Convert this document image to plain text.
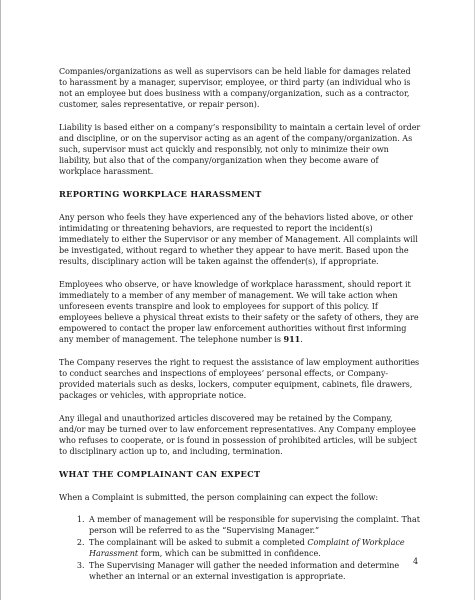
Companies/organizations as well as supervisors can be held liable for damages related to harassment by a manager, supervisor, employee, or third party (an individual who is not an employee but does business with a company/organization, such as a contractor, customer, sales representative, or repair person).

Liability is based either on a company’s responsibility to maintain a certain level of order and discipline, or on the supervisor acting as an agent of the company/organization. As such, supervisor must act quickly and responsibly, not only to minimize their own liability, but also that of the company/organization when they become aware of workplace harassment.

REPORTING WORKPLACE HARASSMENT

Any person who feels they have experienced any of the behaviors listed above, or other intimidating or threatening behaviors, are requested to report the incident(s) immediately to either the Supervisor or any member of Management. All complaints will be investigated, without regard to whether they appear to have merit. Based upon the results, disciplinary action will be taken against the offender(s), if appropriate.

Employees who observe, or have knowledge of workplace harassment, should report it immediately to a member of any member of management. We will take action when unforeseen events transpire and look to employees for support of this policy. If employees believe a physical threat exists to their safety or the safety of others, they are empowered to contact the proper law enforcement authorities without first informing any member of management. The telephone number is 911.

The Company reserves the right to request the assistance of law employment authorities to conduct searches and inspections of employees’ personal effects, or Company-provided materials such as desks, lockers, computer equipment, cabinets, file drawers, packages or vehicles, with appropriate notice.

Any illegal and unauthorized articles discovered may be retained by the Company, and/or may be turned over to law enforcement representatives. Any Company employee who refuses to cooperate, or is found in possession of prohibited articles, will be subject to disciplinary action up to, and including, termination.

WHAT THE COMPLAINANT CAN EXPECT

When a Complaint is submitted, the person complaining can expect the follow:

1. A member of management will be responsible for supervising the complaint. That person will be referred to as the “Supervising Manager.”
2. The complainant will be asked to submit a completed Complaint of Workplace Harassment form, which can be submitted in confidence.
3. The Supervising Manager will gather the needed information and determine whether an internal or an external investigation is appropriate.
4
